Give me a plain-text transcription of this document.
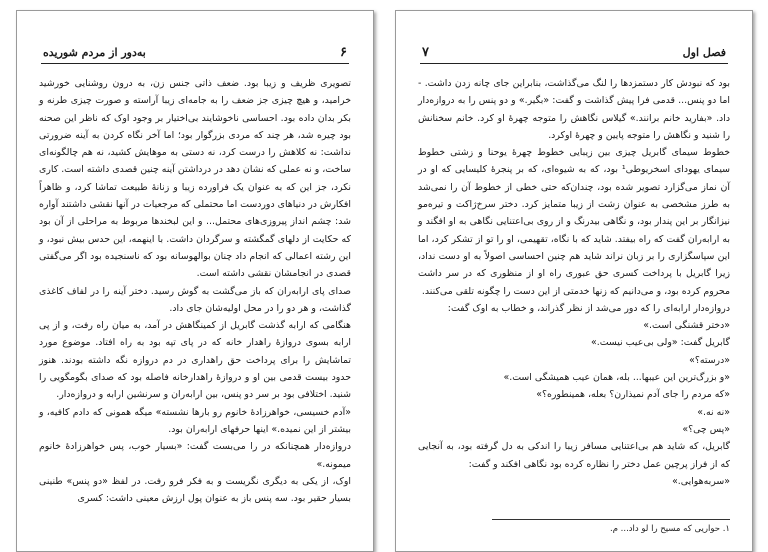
۶
بەدور از مردم شوریده

تصویری ظریف و زیبا بود. ضعف ذاتی جنس زن، به درون روشنایی خورشید خرامید، و هیچ چیزی جز ضعف را به جامه‌ای زیبا آراسته و صورت چیزی طرنه و بکر بدان داده بود. احساسی ناخوشایند بی‌اختیار بر وجود اوک که ناظر این صحنه بود چیره شد، هر چند که مردی بزرگوار بود؛ اما آخر نگاه کردن به آینه ضرورتی نداشت: نه کلاهش را درست کرد، نه دستی به موهایش کشید، نه هم چالگونه‌ای ساخت، و نه عملی که نشان دهد در درداشتن آینه چنین قصدی داشته است. کاری نکرد، جز این که به عنوان یک فراورده زیبا و زنانهٔ طبیعت تماشا کرد، و ظاهراً افکارش در دنیاهای دوردست اما محتملی که مرجعیات در آنها نقشی داشتند آواره شد: چشم انداز پیروزی‌های محتمل... و این لبخندها مربوط به مراحلی از آن بود که حکایت از دلهای گمگشته و سرگردان داشت. با اینهمه، این حدس بیش نبود، و این رشته اعمالی که انجام داد چنان بوالهوسانه بود که ناسنجیده بود اگر می‌گفتی قصدی در انجامشان نقشی داشته است.

صدای پای ارابه‌ران که باز می‌گشت به گوش رسید. دختر آینه را در لفاف کاغذی گذاشت، و هر دو را در محل اولیه‌شان جای داد.

هنگامی که ارابه گذشت گابریل از کمینگاهش در آمد، به میان راه رفت، و از پی ارابه بسوی دروازهٔ راهدار خانه که در پای تپه بود به راه افتاد. موضوع مورد تماشایش را برای پرداخت حق راهداری در دم دروازه نگه داشته بودند. هنوز حدود بیست قدمی بین او و دروازهٔ راهدارخانه فاصله بود که صدای بگومگویی را شنید. اختلافی بود بر سر دو پنس، بین ارابه‌ران و سرنشین ارابه و دروازه‌دار.

«آدم خسیسی، خواهرزادهٔ خانوم رو بارها نشسته» میگه همونی که دادم کافیه، و بیشتر از این نمیده.» اینها حرفهای ارابه‌ران بود.

دروازه‌دار همچنانکه در را می‌بست گفت: «بسیار خوب، پس خواهرزادهٔ خانوم میمونه.»

اوک، از یکی به دیگری نگریست و به فکر فرو رفت. در لفظ «دو پنس» طنینی بسیار حقیر بود. سه پنس باز به عنوان پول ارزش معینی داشت: کسری

۷	فصل اول

بود که نبودش کار دستمزدها را لنگ می‌گذاشت، بنابراین جای چانه زدن داشت. - اما دو پنس... قدمی فرا پیش گذاشت و گفت: «بگیر.» و دو پنس را به دروازه‌دار داد. «بفارید خانم برانند.» گیلاس نگاهش را متوجه چهرهٔ او کرد. خانم سخنانش را شنید و نگاهش را متوجه پایین و چهرهٔ اوکرد.

خطوط سیمای گابریل چیزی بین زیبایی خطوط چهرهٔ یوحنا و زشتی خطوط سیمای یهودای اسخریوطی¹ بود، که به شیوه‌ای، که بر پنجرهٔ کلیسایی که او در آن نماز می‌گزارد تصویر شده بود، چندان‌که حتی خطی از خطوط آن را نمی‌شد به طرز مشخصی به عنوان زشت از زیبا متمایز کرد. دختر سرخ‌ژاکت و تیره‌مو نیزانگار بر این پندار بود، و نگاهی بیدرنگ و از روی بی‌اعتنایی نگاهی به او افگند و به ارابه‌ران گفت که راه بیفتد. شاید که با نگاه، تقهیمی، او را تو از تشکر کرد، اما این سپاسگزاری را بر زبان نراند شاید هم چنین احساسی اصولاً به او دست نداد، زیرا گابریل با پرداخت کسری حق عبوری راه او از منظوری که در سر داشت محروم کرده بود، و می‌دانیم که زنها خدمتی از این دست را چگونه تلقی می‌کنند.

دروازه‌دار ارابه‌ای را که دور می‌شد از نظر گذراند، و خطاب به اوک گفت:

«دختر قشنگی است.»

گابریل گفت: «ولی بی‌عیب نیست.»

«درسته؟»

«و بزرگ‌ترین این عیبها... بله، همان عیب همیشگی است.»

«که مردم را جای آدم نمیذارن؟ بعله، همینطوره؟»

«نه نه.»

«پس چی؟»

گابریل، که شاید هم بی‌اعتنایی مسافر زیبا را اندکی به دل گرفته بود، به آنجایی که از فراز پرچین عمل دختر را نظاره کرده بود نگاهی افکند و گفت:

«سربه‌هوایی.»

۱. حواریی که مسیح را لو داد... م.
